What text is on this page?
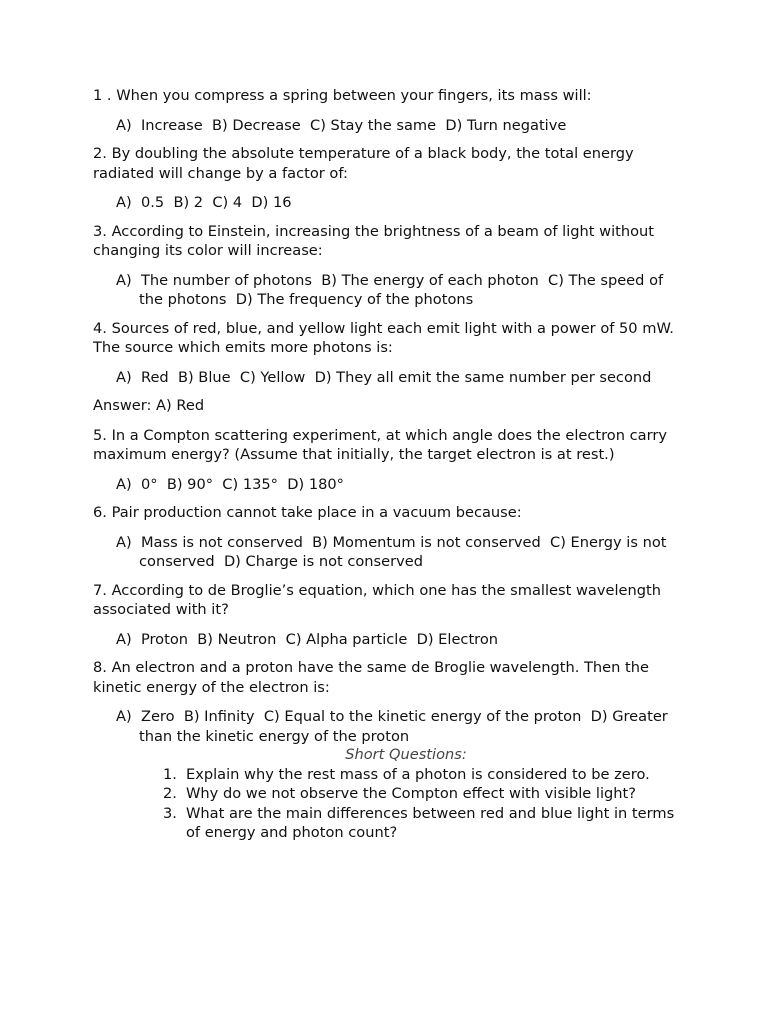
1 . When you compress a spring between your fingers, its mass will:

A)  Increase  B) Decrease  C) Stay the same  D) Turn negative

2. By doubling the absolute temperature of a black body, the total energy radiated will change by a factor of:

A)  0.5  B) 2  C) 4  D) 16

3. According to Einstein, increasing the brightness of a beam of light without changing its color will increase:

A)  The number of photons  B) The energy of each photon  C) The speed of the photons  D) The frequency of the photons

4. Sources of red, blue, and yellow light each emit light with a power of 50 mW. The source which emits more photons is:

A)  Red  B) Blue  C) Yellow  D) They all emit the same number per second

Answer: A) Red

5. In a Compton scattering experiment, at which angle does the electron carry maximum energy? (Assume that initially, the target electron is at rest.)

A)  0°  B) 90°  C) 135°  D) 180°

6. Pair production cannot take place in a vacuum because:

A)  Mass is not conserved  B) Momentum is not conserved  C) Energy is not conserved  D) Charge is not conserved

7. According to de Broglie’s equation, which one has the smallest wavelength associated with it?

A)  Proton  B) Neutron  C) Alpha particle  D) Electron

8. An electron and a proton have the same de Broglie wavelength. Then the kinetic energy of the electron is:

A)  Zero  B) Infinity  C) Equal to the kinetic energy of the proton  D) Greater than the kinetic energy of the proton

Short Questions:

1. Explain why the rest mass of a photon is considered to be zero.
2. Why do we not observe the Compton effect with visible light?
3. What are the main differences between red and blue light in terms of energy and photon count?
